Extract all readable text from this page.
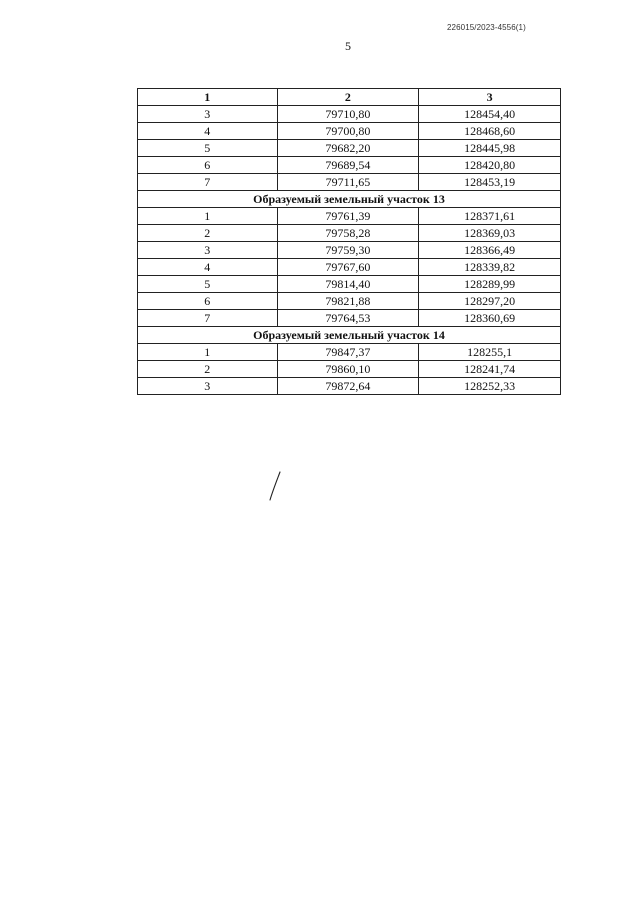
226015/2023-4556(1)
5
1	2	3
3	79710,80	128454,40
4	79700,80	128468,60
5	79682,20	128445,98
6	79689,54	128420,80
7	79711,65	128453,19
Образуемый земельный участок 13		
1	79761,39	128371,61
2	79758,28	128369,03
3	79759,30	128366,49
4	79767,60	128339,82
5	79814,40	128289,99
6	79821,88	128297,20
7	79764,53	128360,69
Образуемый земельный участок 14		
1	79847,37	128255,1
2	79860,10	128241,74
3	79872,64	128252,33
